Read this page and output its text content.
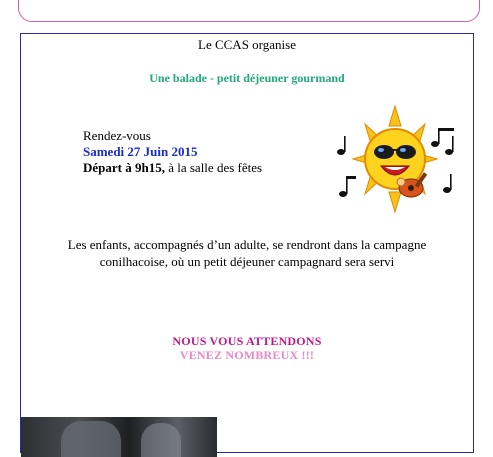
Le CCAS organise
Une balade - petit déjeuner gourmand
Rendez-vous
Samedi 27 Juin 2015
Départ à 9h15, à la salle des fêtes
Les enfants, accompagnés d’un adulte, se rendront dans la campagne
conilhacoise, où un petit déjeuner campagnard sera servi
NOUS VOUS ATTENDONS
VENEZ NOMBREUX !!!
